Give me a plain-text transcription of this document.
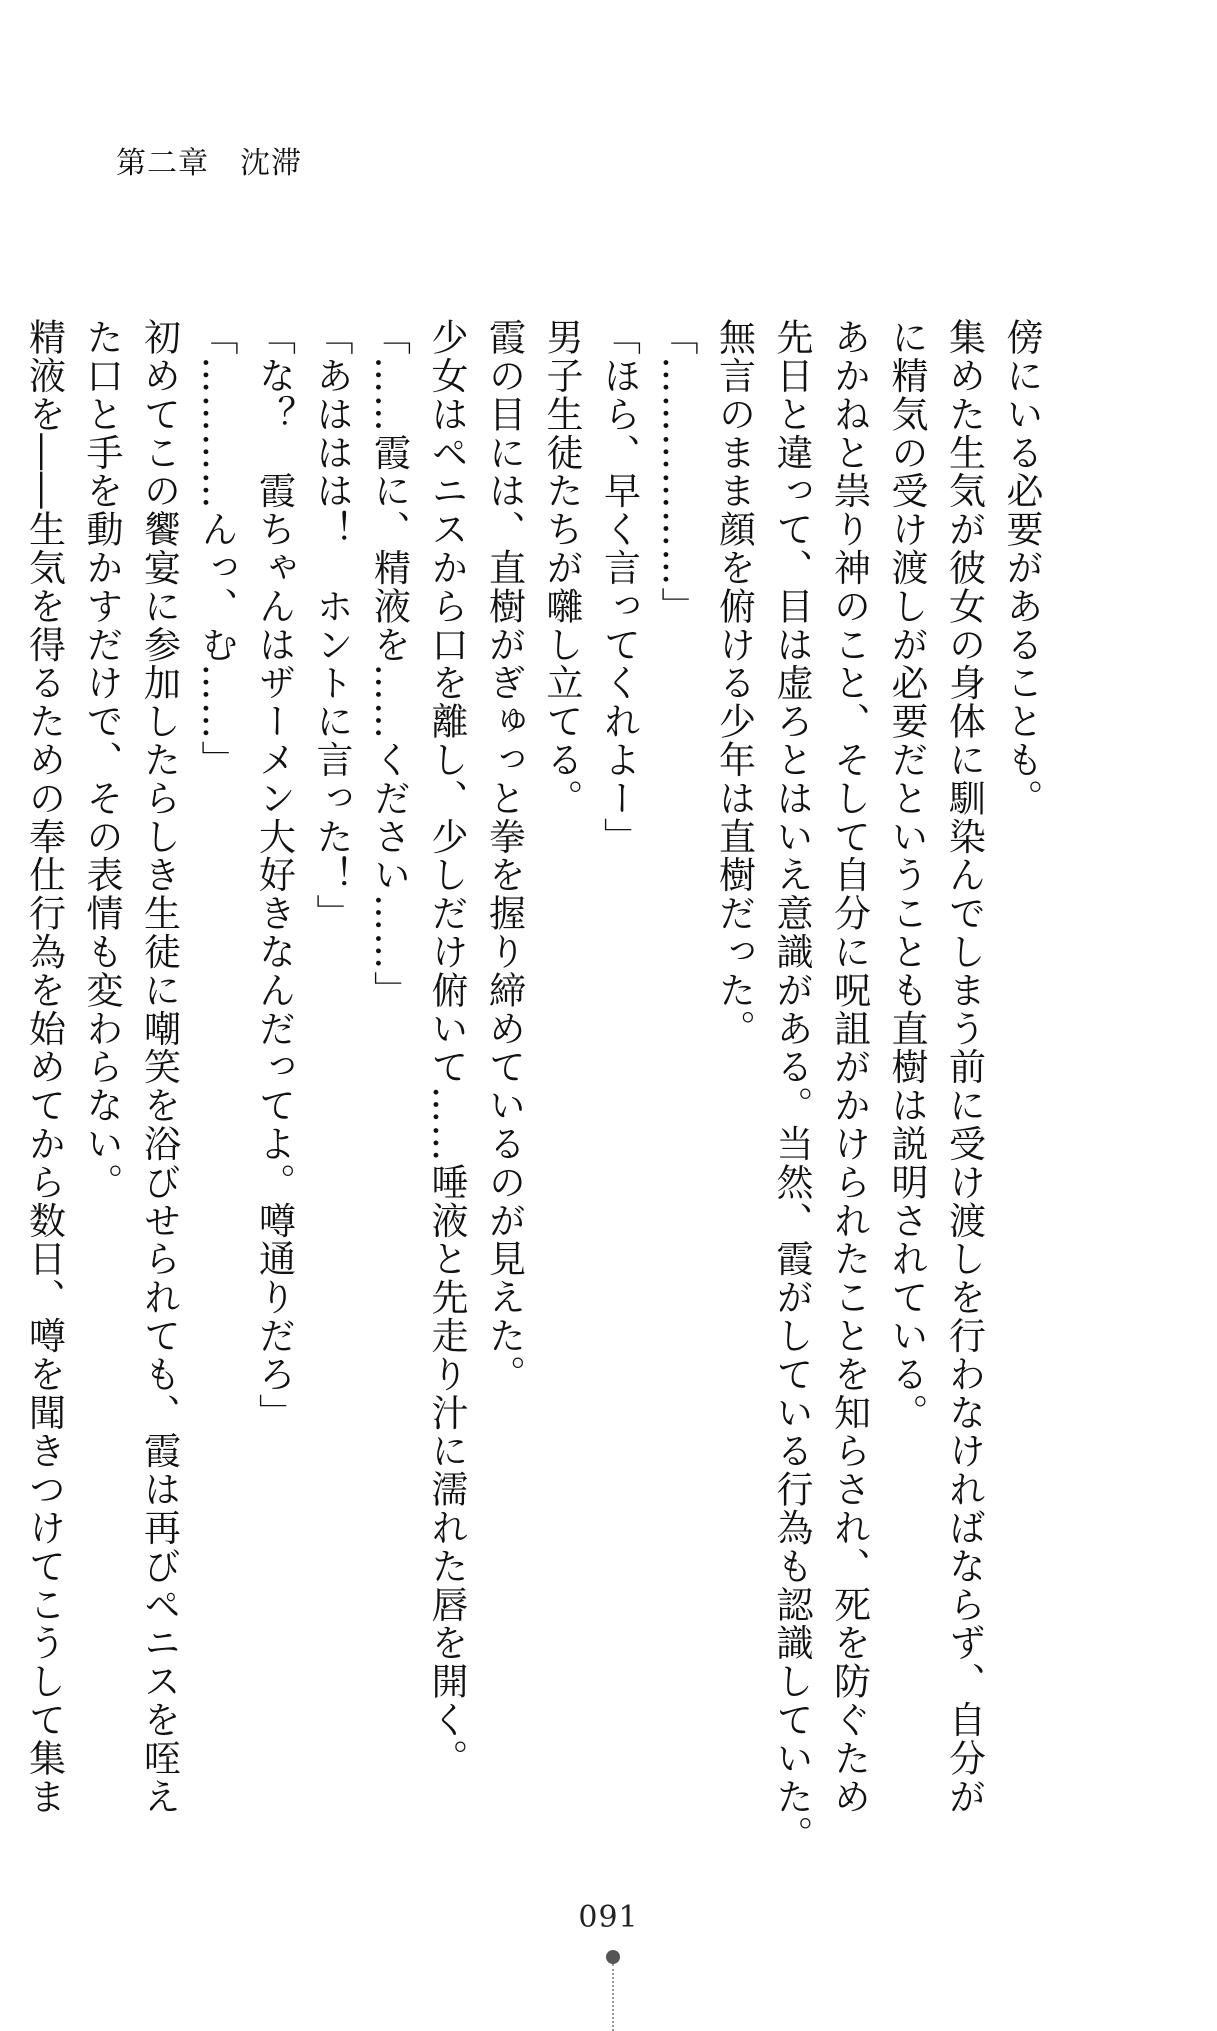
第二章　沈滞

傍にいる必要があることも。

集めた生気が彼女の身体に馴染んでしまう前に受け渡しを行わなければならず、自分が

に精気の受け渡しが必要だということも直樹は説明されている。

あかねと祟り神のこと、そして自分に呪詛がかけられたことを知らされ、死を防ぐため

先日と違って、目は虚ろとはいえ意識がある。当然、霞がしている行為も認識していた。

無言のまま顔を俯ける少年は直樹だった。

「………………」

「ほら、早く言ってくれよー」

男子生徒たちが囃し立てる。

霞の目には、直樹がぎゅっと拳を握り締めているのが見えた。

少女はペニスから口を離し、少しだけ俯いて……唾液と先走り汁に濡れた唇を開く。

「……霞に、精液を……ください……」

「あははは！　ホントに言った！」

「な？　霞ちゃんはザーメン大好きなんだってよ。噂通りだろ」

「…………んっ、む……」

初めてこの饗宴に参加したらしき生徒に嘲笑を浴びせられても、霞は再びペニスを咥え

た口と手を動かすだけで、その表情も変わらない。

精液を――生気を得るための奉仕行為を始めてから数日、噂を聞きつけてこうして集ま

091
